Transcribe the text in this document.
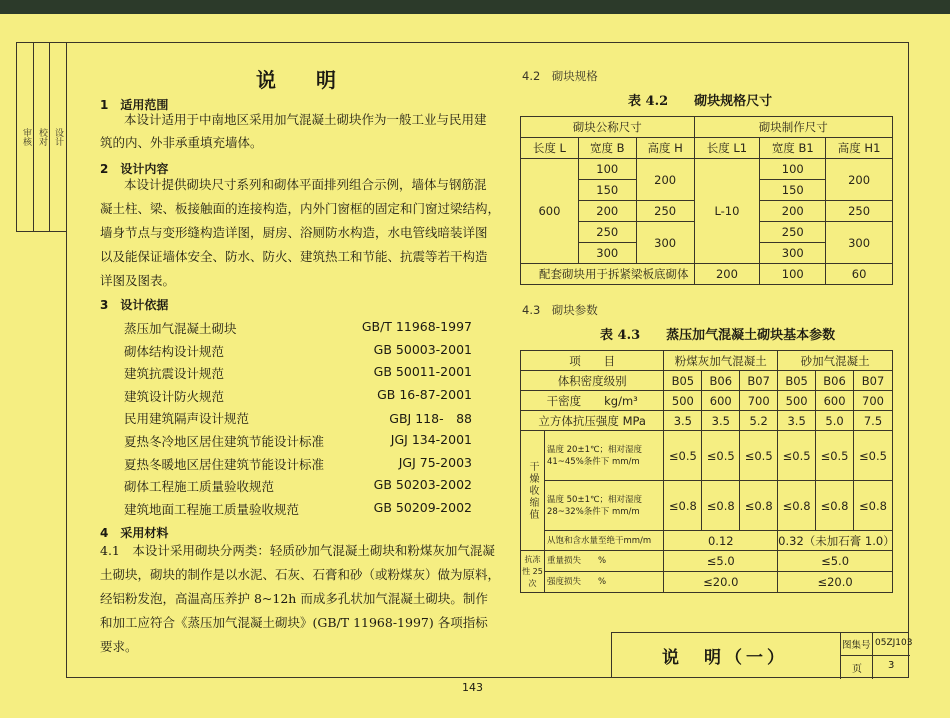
审核 校对 设计
说　明
1　适用范围
本设计适用于中南地区采用加气混凝土砌块作为一般工业与民用建
筑的内、外非承重填充墙体。
2　设计内容
本设计提供砌块尺寸系列和砌体平面排列组合示例，墙体与钢筋混
凝土柱、梁、板接触面的连接构造，内外门窗框的固定和门窗过梁结构，
墙身节点与变形缝构造详图，厨房、浴厕防水构造，水电管线暗装详图
以及能保证墙体安全、防水、防火、建筑热工和节能、抗震等若干构造
详图及图表。
3　设计依据
蒸压加气混凝土砌块	GB/T 11968-1997
砌体结构设计规范	GB 50003-2001
建筑抗震设计规范	GB 50011-2001
建筑设计防火规范	GB 16-87-2001
民用建筑隔声设计规范	GBJ 118-　88
夏热冬冷地区居住建筑节能设计标准	JGJ 134-2001
夏热冬暖地区居住建筑节能设计标准	JGJ 75-2003
砌体工程施工质量验收规范	GB 50203-2002
建筑地面工程施工质量验收规范	GB 50209-2002
4　采用材料
4.1　本设计采用砌块分两类：轻质砂加气混凝土砌块和粉煤灰加气混凝
土砌块，砌块的制作是以水泥、石灰、石膏和砂（或粉煤灰）做为原料，
经铝粉发泡，高温高压养护 8~12h 而成多孔状加气混凝土砌块。制作
和加工应符合《蒸压加气混凝土砌块》(GB/T 11968-1997) 各项指标
要求。
4.2　砌块规格
表 4.2　　砌块规格尺寸
砌块公称尺寸			砌块制作尺寸		
长度 L	宽度 B	高度 H	长度 L1	宽度 B1	高度 H1
600	100	200	L-10	100	200
	150			150	
	200	250		200	250
	250	300		250	300
	300			300	
配套砌块用于拆紧梁板底砌体			200	100	60
4.3　砌块参数
表 4.3　　蒸压加气混凝土砌块基本参数
项　　目		粉煤灰加气混凝土			砂加气混凝土		
体积密度级别		B05	B06	B07	B05	B06	B07
干密度　　kg/m³		500	600	700	500	600	700
立方体抗压强度 MPa		3.5	3.5	5.2	3.5	5.0	7.5
干燥收缩值	温度 20±1℃；相对湿度 41~45%条件下 mm/m	≤0.5	≤0.5	≤0.5	≤0.5	≤0.5	≤0.5
	温度 50±1℃；相对湿度 28~32%条件下 mm/m	≤0.8	≤0.8	≤0.8	≤0.8	≤0.8	≤0.8
	从饱和含水量至绝干mm/m	0.12			0.32（未加石膏 1.0）		
抗冻性 25次	重量损失　　%	≤5.0			≤5.0		
	强度损失　　%	≤20.0			≤20.0		
说　明（一）
图集号 05ZJ103
页	3
143
